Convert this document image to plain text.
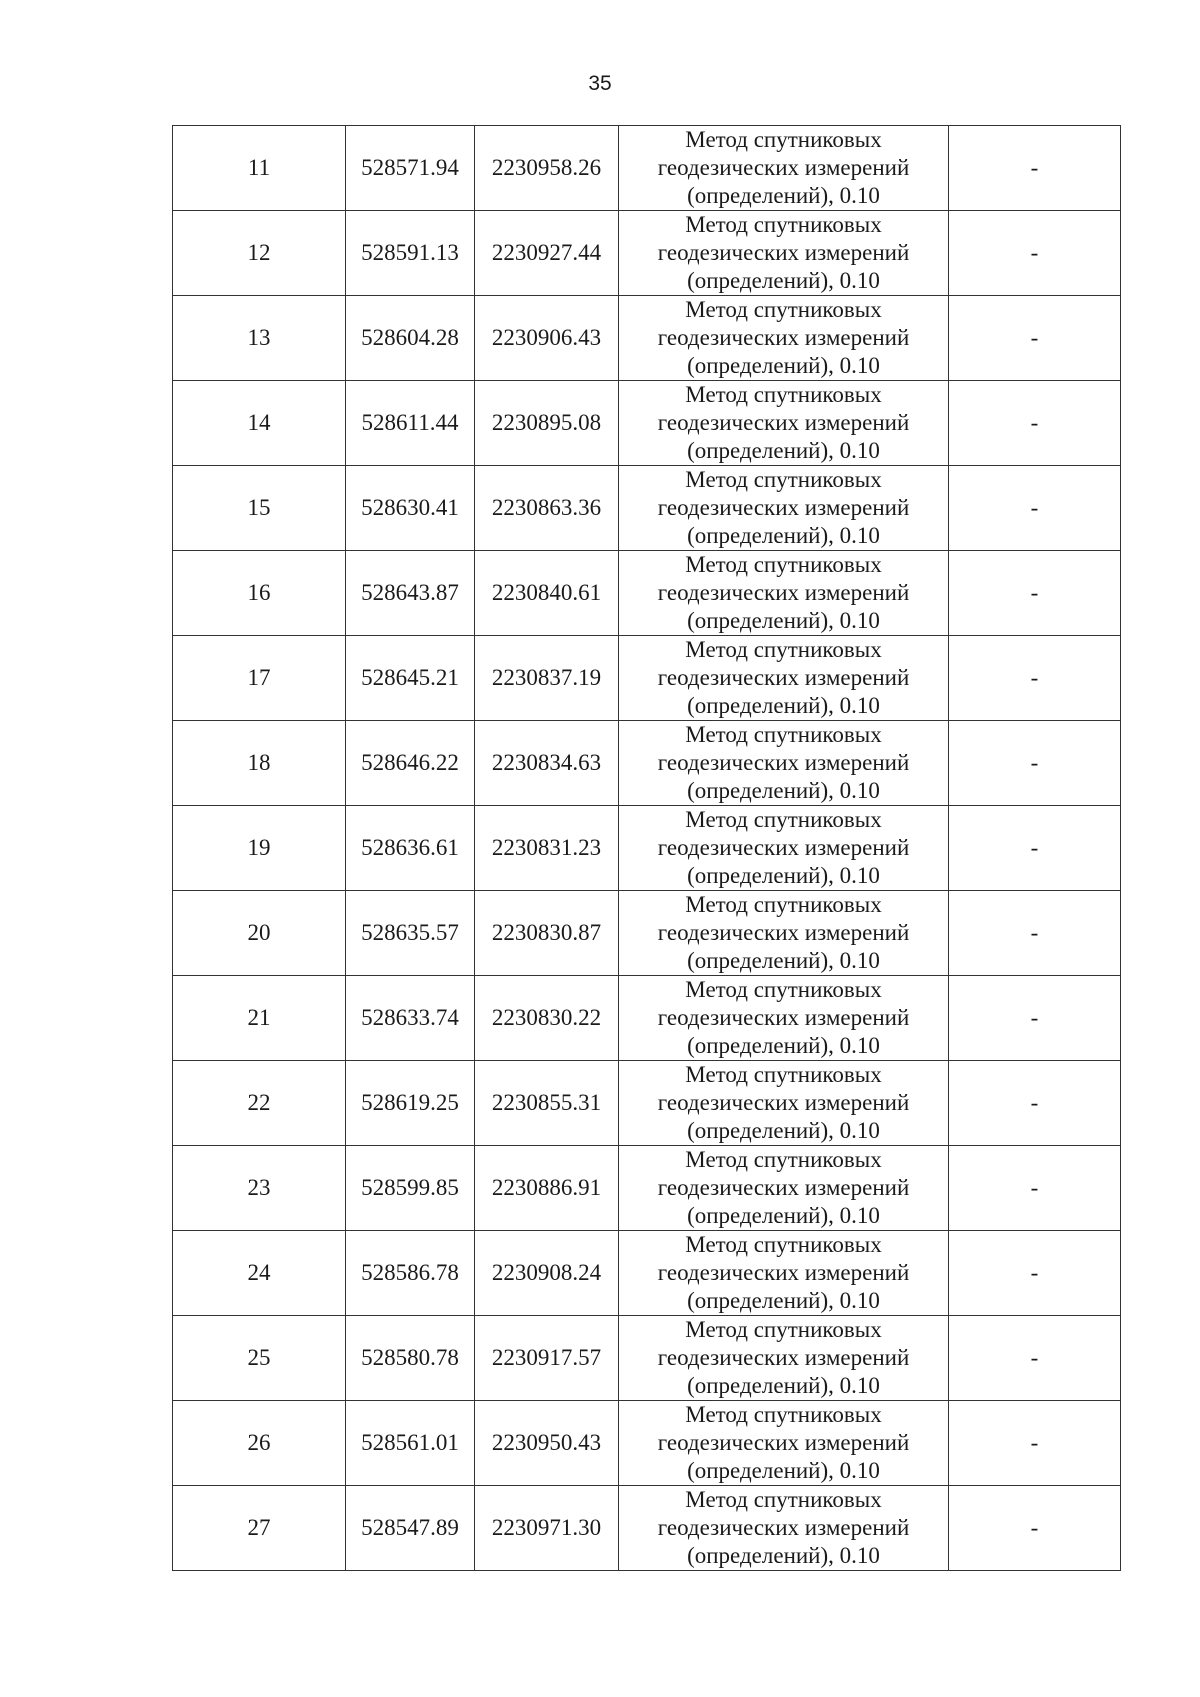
35
11	528571.94	2230958.26	Метод спутниковых геодезических измерений (определений), 0.10	-
12	528591.13	2230927.44	Метод спутниковых геодезических измерений (определений), 0.10	-
13	528604.28	2230906.43	Метод спутниковых геодезических измерений (определений), 0.10	-
14	528611.44	2230895.08	Метод спутниковых геодезических измерений (определений), 0.10	-
15	528630.41	2230863.36	Метод спутниковых геодезических измерений (определений), 0.10	-
16	528643.87	2230840.61	Метод спутниковых геодезических измерений (определений), 0.10	-
17	528645.21	2230837.19	Метод спутниковых геодезических измерений (определений), 0.10	-
18	528646.22	2230834.63	Метод спутниковых геодезических измерений (определений), 0.10	-
19	528636.61	2230831.23	Метод спутниковых геодезических измерений (определений), 0.10	-
20	528635.57	2230830.87	Метод спутниковых геодезических измерений (определений), 0.10	-
21	528633.74	2230830.22	Метод спутниковых геодезических измерений (определений), 0.10	-
22	528619.25	2230855.31	Метод спутниковых геодезических измерений (определений), 0.10	-
23	528599.85	2230886.91	Метод спутниковых геодезических измерений (определений), 0.10	-
24	528586.78	2230908.24	Метод спутниковых геодезических измерений (определений), 0.10	-
25	528580.78	2230917.57	Метод спутниковых геодезических измерений (определений), 0.10	-
26	528561.01	2230950.43	Метод спутниковых геодезических измерений (определений), 0.10	-
27	528547.89	2230971.30	Метод спутниковых геодезических измерений (определений), 0.10	-
